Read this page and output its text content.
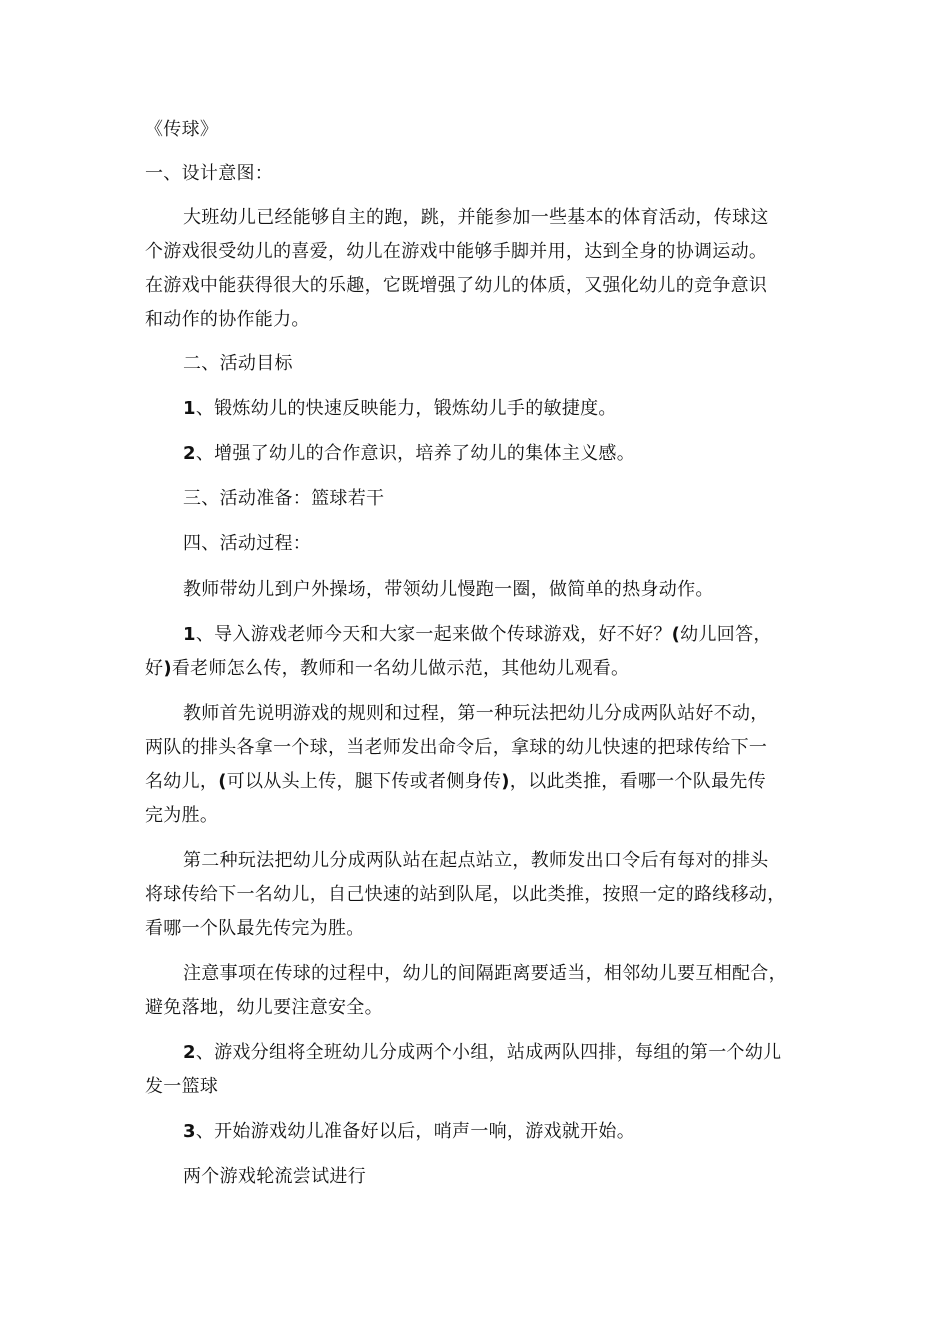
《传球》
一、设计意图：
大班幼儿已经能够自主的跑，跳，并能参加一些基本的体育活动，传球这
个游戏很受幼儿的喜爱，幼儿在游戏中能够手脚并用，达到全身的协调运动。
在游戏中能获得很大的乐趣，它既增强了幼儿的体质，又强化幼儿的竞争意识
和动作的协作能力。
二、活动目标
1、锻炼幼儿的快速反映能力，锻炼幼儿手的敏捷度。
2、增强了幼儿的合作意识，培养了幼儿的集体主义感。
三、活动准备：篮球若干
四、活动过程：
教师带幼儿到户外操场，带领幼儿慢跑一圈，做简单的热身动作。
1、导入游戏老师今天和大家一起来做个传球游戏，好不好？(幼儿回答，
好)看老师怎么传，教师和一名幼儿做示范，其他幼儿观看。
教师首先说明游戏的规则和过程，第一种玩法把幼儿分成两队站好不动，
两队的排头各拿一个球，当老师发出命令后，拿球的幼儿快速的把球传给下一
名幼儿，(可以从头上传，腿下传或者侧身传)，以此类推，看哪一个队最先传
完为胜。
第二种玩法把幼儿分成两队站在起点站立，教师发出口令后有每对的排头
将球传给下一名幼儿，自己快速的站到队尾，以此类推，按照一定的路线移动，
看哪一个队最先传完为胜。
注意事项在传球的过程中，幼儿的间隔距离要适当，相邻幼儿要互相配合，
避免落地，幼儿要注意安全。
2、游戏分组将全班幼儿分成两个小组，站成两队四排，每组的第一个幼儿
发一篮球
3、开始游戏幼儿准备好以后，哨声一响，游戏就开始。
两个游戏轮流尝试进行
